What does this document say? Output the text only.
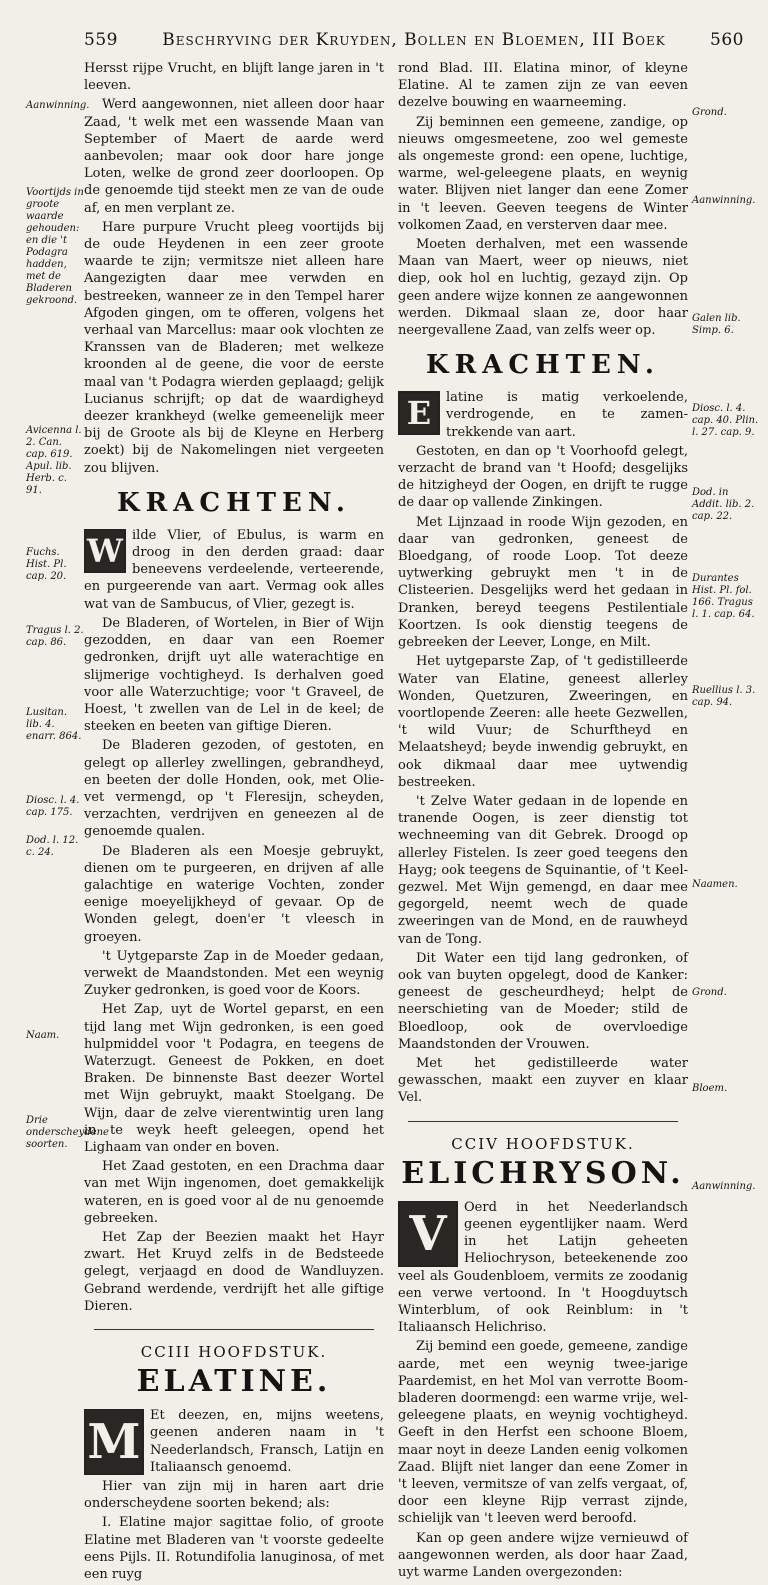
559	Beschryving der Kruyden, Bollen en Bloemen, III Boek	560
Aanwinning.
Voortijds in groote waarde gehouden: en die 't Podagra hadden, met de Bladeren gekroond.
Avicenna l. 2. Can. cap. 619.
Apul. lib. Herb. c. 91.
Fuchs. Hist. Pl. cap. 20.
Tragus l. 2. cap. 86.
Lusitan. lib. 4. enarr. 864.
Diosc. l. 4. cap. 175.
Dod. l. 12. c. 24.
Naam.
Drie onderscheydene soorten.

Hersst rijpe Vrucht, en blijft lange jaren in 't leeven.

Werd aangewonnen, niet alleen door haar Zaad, 't welk met een wassende Maan van September of Maert de aarde werd aanbevolen; maar ook door hare jonge Loten, welke de grond zeer doorloopen. Op de genoemde tijd steekt men ze van de oude af, en men verplant ze.

Hare purpure Vrucht pleeg voortijds bij de oude Heydenen in een zeer groote waarde te zijn; vermitsze niet alleen hare Aangezigten daar mee verwden en bestreeken, wanneer ze in den Tempel harer Afgoden gingen, om te offeren, volgens het verhaal van Marcellus: maar ook vlochten ze Kranssen van de Bladeren; met welkeze kroonden al de geene, die voor de eerste maal van 't Podagra wierden geplaagd; gelijk Lucianus schrijft; op dat de waardigheyd deezer krankheyd (welke gemeenelijk meer bij de Groote als bij de Kleyne en Herberg zoekt) bij de Nakomelingen niet vergeeten zou blijven.

KRACHTEN.

W ilde Vlier, of Ebulus, is warm en droog in den derden graad: daar beneevens verdeelende, verteerende, en purgeerende van aart. Vermag ook alles wat van de Sambucus, of Vlier, gezegt is.

De Bladeren, of Wortelen, in Bier of Wijn gezodden, en daar van een Roemer gedronken, drijft uyt alle waterachtige en slijmerige vochtigheyd. Is derhalven goed voor alle Waterzuchtige; voor 't Graveel, de Hoest, 't zwellen van de Lel in de keel; de steeken en beeten van giftige Dieren.

De Bladeren gezoden, of gestoten, en gelegt op allerley zwellingen, gebrandheyd, en beeten der dolle Honden, ook, met Olie-vet vermengd, op 't Fleresijn, scheyden, verzachten, verdrijven en geneezen al de genoemde qualen.

De Bladeren als een Moesje gebruykt, dienen om te purgeeren, en drijven af alle galachtige en waterige Vochten, zonder eenige moeyelijkheyd of gevaar. Op de Wonden gelegt, doen'er 't vleesch in groeyen.

't Uytgeparste Zap in de Moeder gedaan, verwekt de Maandstonden. Met een weynig Zuyker gedronken, is goed voor de Koors.

Het Zap, uyt de Wortel geparst, en een tijd lang met Wijn gedronken, is een goed hulpmiddel voor 't Podagra, en teegens de Waterzugt. Geneest de Pokken, en doet Braken. De binnenste Bast deezer Wortel met Wijn gebruykt, maakt Stoelgang. De Wijn, daar de zelve vierentwintig uren lang in te weyk heeft geleegen, opend het Lighaam van onder en boven.

Het Zaad gestoten, en een Drachma daar van met Wijn ingenomen, doet gemakkelijk wateren, en is goed voor al de nu genoemde gebreeken.

Het Zap der Beezien maakt het Hayr zwart. Het Kruyd zelfs in de Bedsteede gelegt, verjaagd en dood de Wandluyzen. Gebrand werdende, verdrijft het alle giftige Dieren.

CCIII HOOFDSTUK.
ELATINE.

M Et deezen, en, mijns weetens, geenen anderen naam in 't Neederlandsch, Fransch, Latijn en Italiaansch genoemd.

Hier van zijn mij in haren aart drie onderscheydene soorten bekend; als:

I. Elatine major sagittae folio, of groote Elatine met Bladeren van 't voorste gedeelte eens Pijls. II. Rotundifolia lanuginosa, of met een ruyg

rond Blad. III. Elatina minor, of kleyne Elatine. Al te zamen zijn ze van eeven dezelve bouwing en waarneeming.

Zij beminnen een gemeene, zandige, op nieuws omgesmeetene, zoo wel gemeste als ongemeste grond: een opene, luchtige, warme, wel-geleegene plaats, en weynig water. Blijven niet langer dan eene Zomer in 't leeven. Geeven teegens de Winter volkomen Zaad, en versterven daar mee.

Moeten derhalven, met een wassende Maan van Maert, weer op nieuws, niet diep, ook hol en luchtig, gezayd zijn. Op geen andere wijze konnen ze aangewonnen werden. Dikmaal slaan ze, door haar neergevallene Zaad, van zelfs weer op.

KRACHTEN.

E	latine is matig verkoelende, verdrogende, en te zamen-trekkende van aart.

Gestoten, en dan op 't Voorhoofd gelegt, verzacht de brand van 't Hoofd; desgelijks de hitzigheyd der Oogen, en drijft te rugge de daar op vallende Zinkingen.

Met Lijnzaad in roode Wijn gezoden, en daar van gedronken, geneest de Bloedgang, of roode Loop. Tot deeze uytwerking gebruykt men 't in de Clisteerien. Desgelijks werd het gedaan in Dranken, bereyd teegens Pestilentiale Koortzen. Is ook dienstig teegens de gebreeken der Leever, Longe, en Milt.

Het uytgeparste Zap, of 't gedistilleerde Water van Elatine, geneest allerley Wonden, Quetzuren, Zweeringen, en voortlopende Zeeren: alle heete Gezwellen, 't wild Vuur; de Schurftheyd en Melaatsheyd; beyde inwendig gebruykt, en ook dikmaal daar mee uytwendig bestreeken.

't Zelve Water gedaan in de lopende en tranende Oogen, is zeer dienstig tot wechneeming van dit Gebrek. Droogd op allerley Fistelen. Is zeer goed teegens den Hayg; ook teegens de Squinantie, of 't Keel-gezwel. Met Wijn gemengd, en daar mee gegorgeld, neemt wech de quade zweeringen van de Mond, en de rauwheyd van de Tong.

Dit Water een tijd lang gedronken, of ook van buyten opgelegt, dood de Kanker: geneest de gescheurdheyd; helpt de neerschieting van de Moeder; stild de Bloedloop, ook de overvloedige Maandstonden der Vrouwen.

Met het gedistilleerde water gewasschen, maakt een zuyver en klaar Vel.

CCIV HOOFDSTUK.
ELICHRYSON.

V	Oerd in het Neederlandsch geenen eygentlijker naam. Werd in het Latijn geheeten Heliochryson, beteekenende zoo veel als Goudenbloem, vermits ze zoodanig een verwe vertoond. In 't Hoogduytsch Winterblum, of ook Reinblum: in 't Italiaansch Helichriso.

Zij bemind een goede, gemeene, zandige aarde, met een weynig twee-jarige Paardemist, en het Mol van verrotte Boom-bladeren doormengd: een warme vrije, wel-geleegene plaats, en weynig vochtigheyd. Geeft in den Herfst een schoone Bloem, maar noyt in deeze Landen eenig volkomen Zaad. Blijft niet langer dan eene Zomer in 't leeven, vermitsze of van zelfs vergaat, of, door een kleyne Rijp verrast zijnde, schielijk van 't leeven werd beroofd.

Kan op geen andere wijze vernieuwd of aangewonnen werden, als door haar Zaad, uyt warme Landen overgezonden:

Grond.
Aanwinning.
Galen lib. Simp. 6.
Diosc. l. 4. cap. 40. Plin. l. 27. cap. 9.
Dod. in Addit. lib. 2. cap. 22.
Durantes Hist. Pl. fol. 166. Tragus l. 1. cap. 64.
Ruellius l. 3. cap. 94.
Naamen.
Grond.
Bloem.
Aanwinning.
